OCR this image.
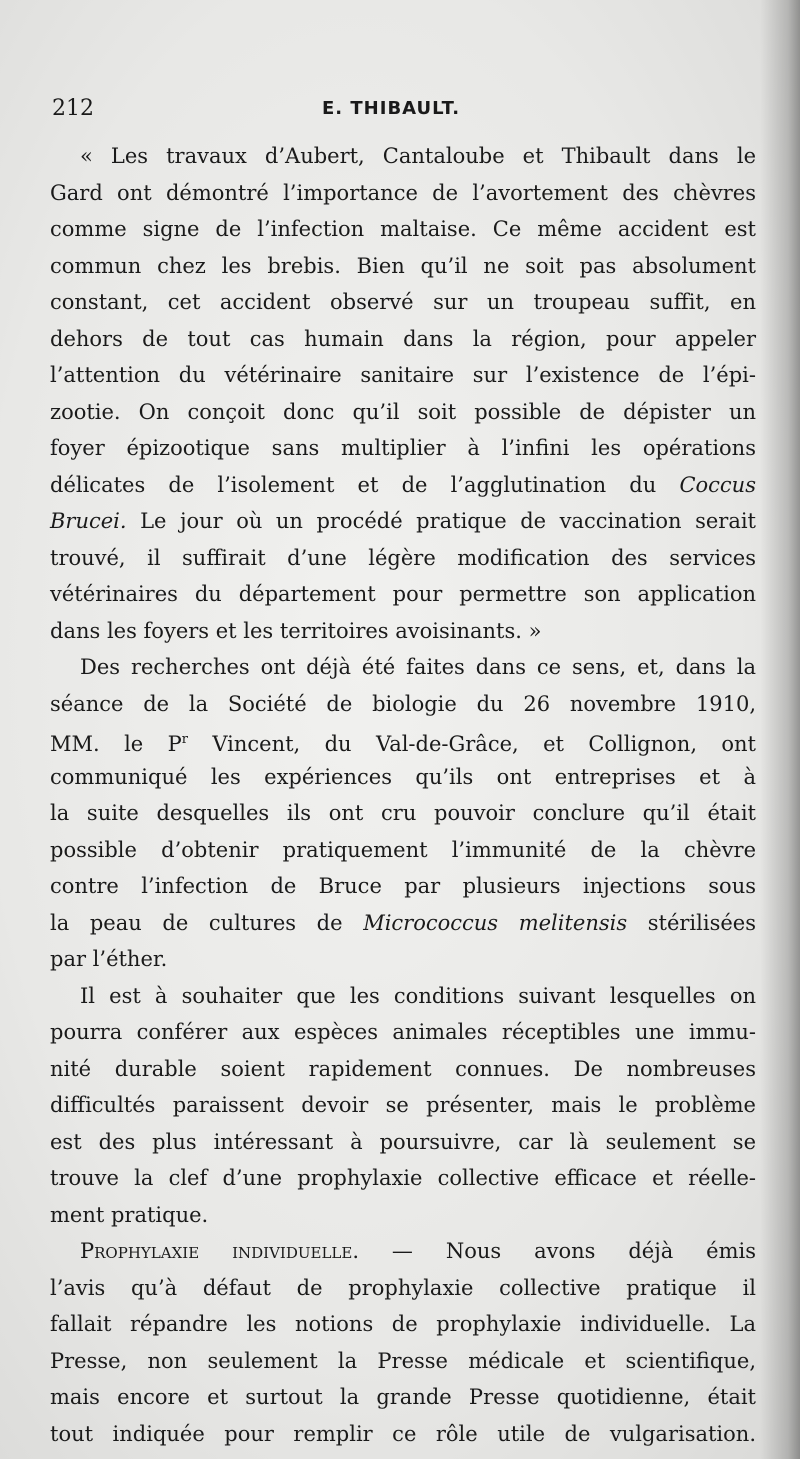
212	E. THIBAULT.
« Les travaux d’Aubert, Cantaloube et Thibault dans le
Gard ont démontré l’importance de l’avortement des chèvres
comme signe de l’infection maltaise. Ce même accident est
commun chez les brebis. Bien qu’il ne soit pas absolument
constant, cet accident observé sur un troupeau suffit, en
dehors de tout cas humain dans la région, pour appeler
l’attention du vétérinaire sanitaire sur l’existence de l’épi-
zootie. On conçoit donc qu’il soit possible de dépister un
foyer épizootique sans multiplier à l’infini les opérations
délicates de l’isolement et de l’agglutination du Coccus
Brucei. Le jour où un procédé pratique de vaccination serait
trouvé, il suffirait d’une légère modification des services
vétérinaires du département pour permettre son application
dans les foyers et les territoires avoisinants. »
Des recherches ont déjà été faites dans ce sens, et, dans la
séance de la Société de biologie du 26 novembre 1910,
MM. le $P^r$ Vincent, du Val-de-Grâce, et Collignon, ont
communiqué les expériences qu’ils ont entreprises et à
la suite desquelles ils ont cru pouvoir conclure qu’il était
possible d’obtenir pratiquement l’immunité de la chèvre
contre l’infection de Bruce par plusieurs injections sous
la peau de cultures de Micrococcus melitensis stérilisées
par l’éther.
Il est à souhaiter que les conditions suivant lesquelles on
pourra conférer aux espèces animales réceptibles une immu-
nité durable soient rapidement connues. De nombreuses
difficultés paraissent devoir se présenter, mais le problème
est des plus intéressant à poursuivre, car là seulement se
trouve la clef d’une prophylaxie collective efficace et réelle-
ment pratique.
Prophylaxie individuelle. — Nous avons déjà émis
l’avis qu’à défaut de prophylaxie collective pratique il
fallait répandre les notions de prophylaxie individuelle. La
Presse, non seulement la Presse médicale et scientifique,
mais encore et surtout la grande Presse quotidienne, était
tout indiquée pour remplir ce rôle utile de vulgarisation.
